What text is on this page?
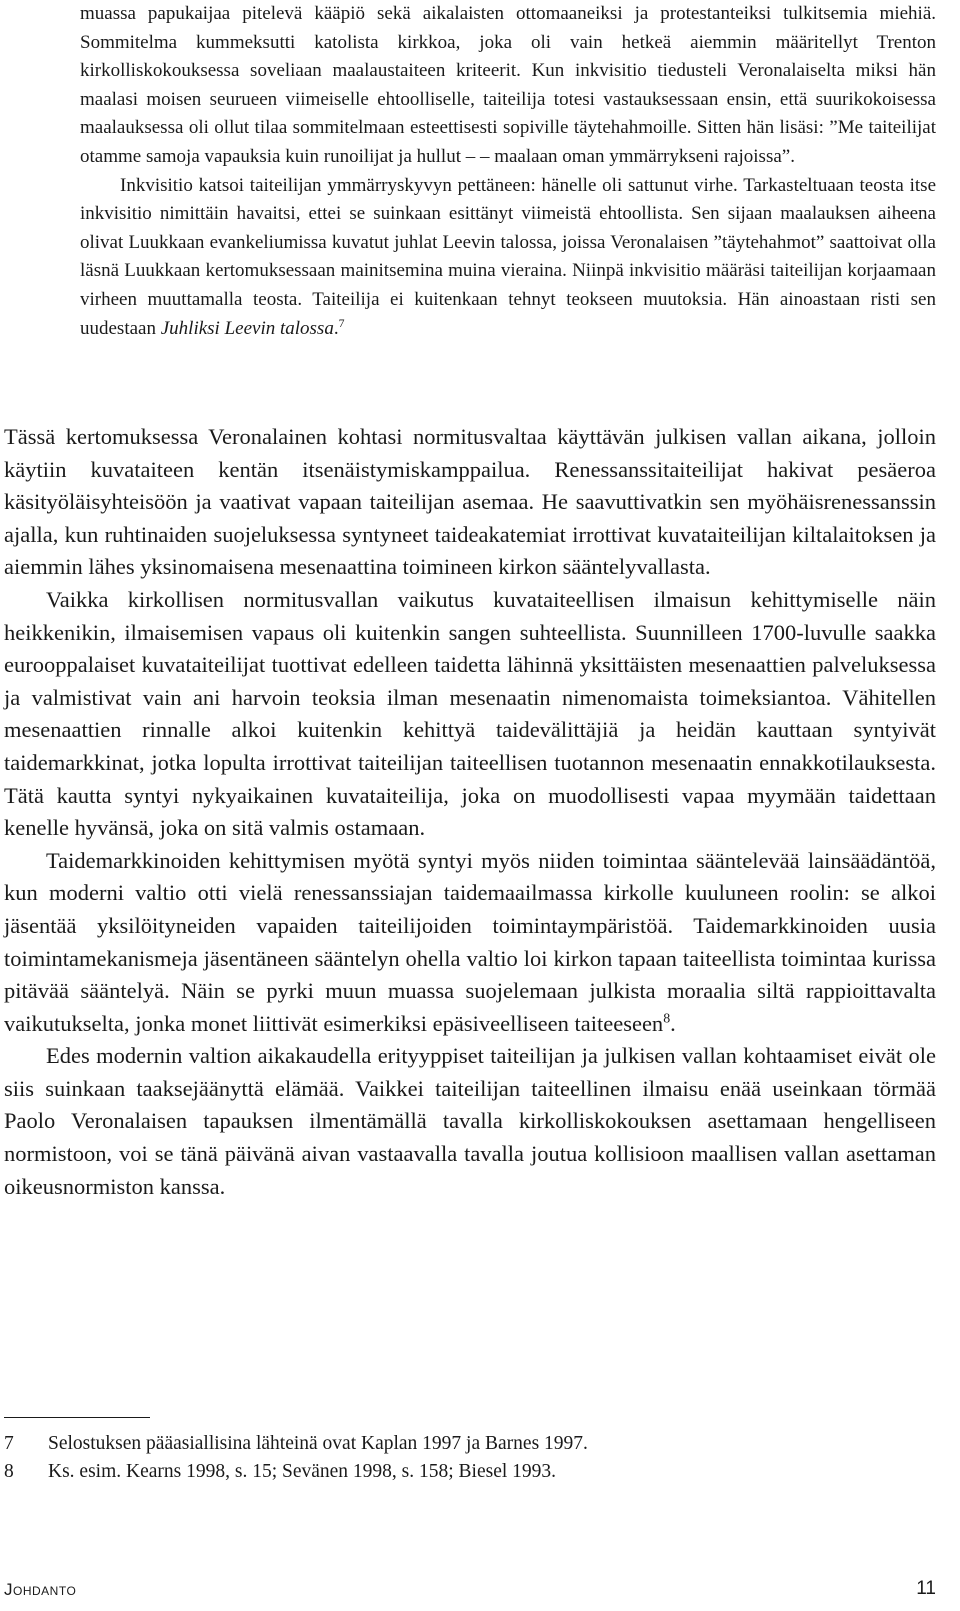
muassa papukaijaa pitelevä kääpiö sekä aikalaisten ottomaaneiksi ja protestanteiksi tulkitsemia miehiä. Sommitelma kummeksutti katolista kirkkoa, joka oli vain hetkeä aiemmin määritellyt Trenton kirkolliskokouksessa soveliaan maalaustaiteen kriteerit. Kun inkvisitio tiedusteli Veronalaiselta miksi hän maalasi moisen seurueen viimeiselle ehtoolliselle, taiteilija totesi vastauksessaan ensin, että suurikokoisessa maalauksessa oli ollut tilaa sommitelmaan esteettisesti sopiville täytehahmoille. Sitten hän lisäsi: ”Me taiteilijat otamme samoja vapauksia kuin runoilijat ja hullut – – maalaan oman ymmärrykseni rajoissa”.

Inkvisitio katsoi taiteilijan ymmärryskyvyn pettäneen: hänelle oli sattunut virhe. Tarkasteltuaan teosta itse inkvisitio nimittäin havaitsi, ettei se suinkaan esittänyt viimeistä ehtoollista. Sen sijaan maalauksen aiheena olivat Luukkaan evankeliumissa kuvatut juhlat Leevin talossa, joissa Veronalaisen ”täytehahmot” saattoivat olla läsnä Luukkaan kertomuksessaan mainitsemina muina vieraina. Niinpä inkvisitio määräsi taiteilijan korjaamaan virheen muuttamalla teosta. Taiteilija ei kuitenkaan tehnyt teokseen muutoksia. Hän ainoastaan risti sen uudestaan Juhliksi Leevin talossa.$^7$

Tässä kertomuksessa Veronalainen kohtasi normitusvaltaa käyttävän julkisen vallan aikana, jolloin käytiin kuvataiteen kentän itsenäistymiskamppailua. Renessanssitaiteilijat hakivat pesäeroa käsityöläisyhteisöön ja vaativat vapaan taiteilijan asemaa. He saavuttivatkin sen myöhäisrenessanssin ajalla, kun ruhtinaiden suojeluksessa syntyneet taideakatemiat irrottivat kuvataiteilijan kiltalaitoksen ja aiemmin lähes yksinomaisena mesenaattina toimineen kirkon sääntelyvallasta.

Vaikka kirkollisen normitusvallan vaikutus kuvataiteellisen ilmaisun kehittymiselle näin heikkenikin, ilmaisemisen vapaus oli kuitenkin sangen suhteellista. Suunnilleen 1700-luvulle saakka eurooppalaiset kuvataiteilijat tuottivat edelleen taidetta lähinnä yksittäisten mesenaattien palveluksessa ja valmistivat vain ani harvoin teoksia ilman mesenaatin nimenomaista toimeksiantoa. Vähitellen mesenaattien rinnalle alkoi kuitenkin kehittyä taidevälittäjiä ja heidän kauttaan syntyivät taidemarkkinat, jotka lopulta irrottivat taiteilijan taiteellisen tuotannon mesenaatin ennakkotilauksesta. Tätä kautta syntyi nykyaikainen kuvataiteilija, joka on muodollisesti vapaa myymään taidettaan kenelle hyvänsä, joka on sitä valmis ostamaan.

Taidemarkkinoiden kehittymisen myötä syntyi myös niiden toimintaa sääntelevää lainsäädäntöä, kun moderni valtio otti vielä renessanssiajan taidemaailmassa kirkolle kuuluneen roolin: se alkoi jäsentää yksilöityneiden vapaiden taiteilijoiden toimintaympäristöä. Taidemarkkinoiden uusia toimintamekanismeja jäsentäneen sääntelyn ohella valtio loi kirkon tapaan taiteellista toimintaa kurissa pitävää sääntelyä. Näin se pyrki muun muassa suojelemaan julkista moraalia siltä rappioittavalta vaikutukselta, jonka monet liittivät esimerkiksi epäsiveelliseen taiteeseen$^8$.

Edes modernin valtion aikakaudella erityyppiset taiteilijan ja julkisen vallan kohtaamiset eivät ole siis suinkaan taaksejäänyttä elämää. Vaikkei taiteilijan taiteellinen ilmaisu enää useinkaan törmää Paolo Veronalaisen tapauksen ilmentämällä tavalla kirkolliskokouksen asettamaan hengelliseen normistoon, voi se tänä päivänä aivan vastaavalla tavalla joutua kollisioon maallisen vallan asettaman oikeusnormiston kanssa.

7	Selostuksen pääasiallisina lähteinä ovat Kaplan 1997 ja Barnes 1997.
8	Ks. esim. Kearns 1998, s. 15; Sevänen 1998, s. 158; Biesel 1993.
Johdanto	11
